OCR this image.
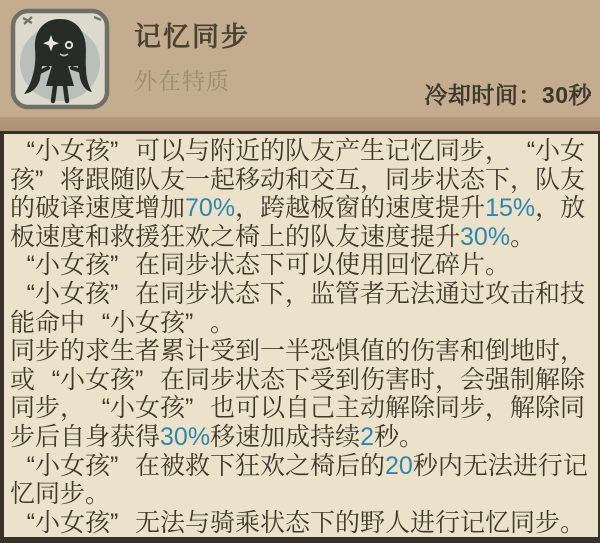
记忆同步
外在特质
冷却时间：30秒
“小女孩” 可以与附近的队友产生记忆同步， “小女孩” 将跟随队友一起移动和交互，同步状态下，队友的破译速度增加70%，跨越板窗的速度提升15%，放板速度和救援狂欢之椅上的队友速度提升30%。
“小女孩” 在同步状态下可以使用回忆碎片。
“小女孩” 在同步状态下，监管者无法通过攻击和技能命中 “小女孩” 。
同步的求生者累计受到一半恐惧值的伤害和倒地时，或 “小女孩” 在同步状态下受到伤害时，会强制解除同步， “小女孩” 也可以自己主动解除同步，解除同步后自身获得30%移速加成持续2秒。
“小女孩” 在被救下狂欢之椅后的20秒内无法进行记忆同步。
“小女孩” 无法与骑乘状态下的野人进行记忆同步。
